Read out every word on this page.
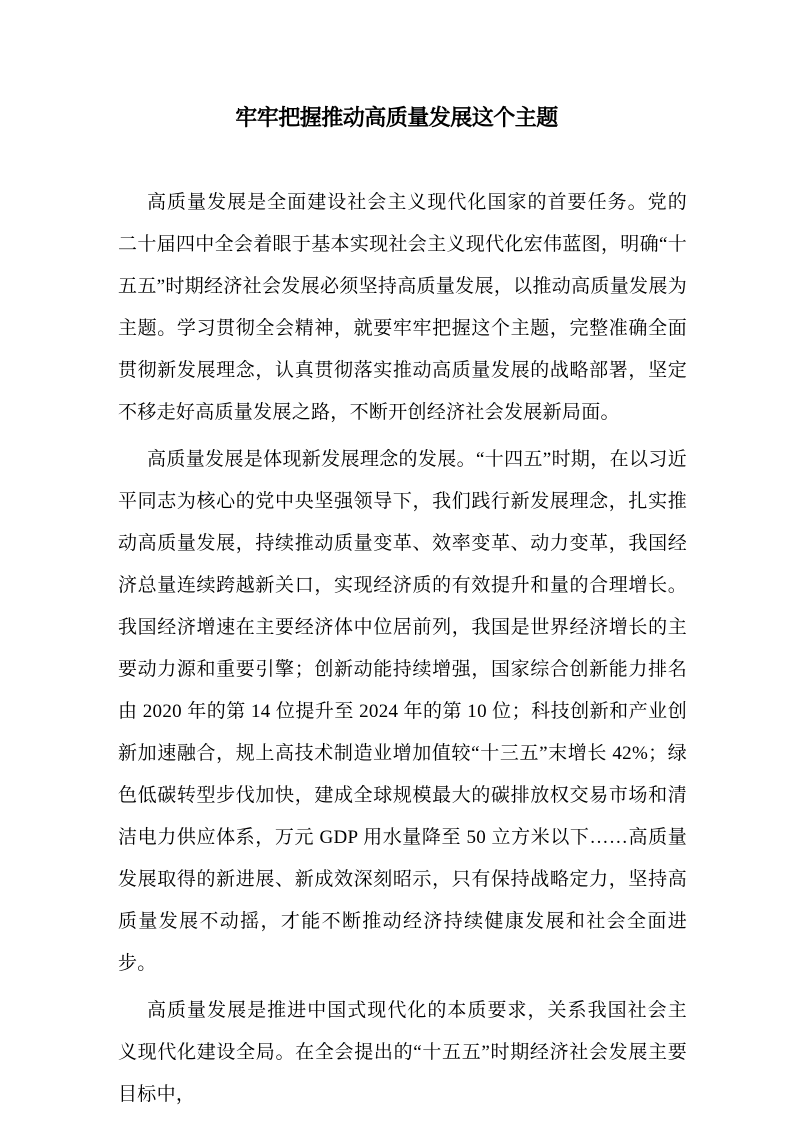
牢牢把握推动高质量发展这个主题

高质量发展是全面建设社会主义现代化国家的首要任务。党的二十届四中全会着眼于基本实现社会主义现代化宏伟蓝图，明确“十五五”时期经济社会发展必须坚持高质量发展，以推动高质量发展为主题。学习贯彻全会精神，就要牢牢把握这个主题，完整准确全面贯彻新发展理念，认真贯彻落实推动高质量发展的战略部署，坚定不移走好高质量发展之路，不断开创经济社会发展新局面。

高质量发展是体现新发展理念的发展。“十四五”时期，在以习近平同志为核心的党中央坚强领导下，我们践行新发展理念，扎实推动高质量发展，持续推动质量变革、效率变革、动力变革，我国经济总量连续跨越新关口，实现经济质的有效提升和量的合理增长。我国经济增速在主要经济体中位居前列，我国是世界经济增长的主要动力源和重要引擎；创新动能持续增强，国家综合创新能力排名由 2020 年的第 14 位提升至 2024 年的第 10 位；科技创新和产业创新加速融合，规上高技术制造业增加值较“十三五”末增长 42%；绿色低碳转型步伐加快，建成全球规模最大的碳排放权交易市场和清洁电力供应体系，万元 GDP 用水量降至 50 立方米以下……高质量发展取得的新进展、新成效深刻昭示，只有保持战略定力，坚持高质量发展不动摇，才能不断推动经济持续健康发展和社会全面进步。

高质量发展是推进中国式现代化的本质要求，关系我国社会主义现代化建设全局。在全会提出的“十五五”时期经济社会发展主要目标中，
